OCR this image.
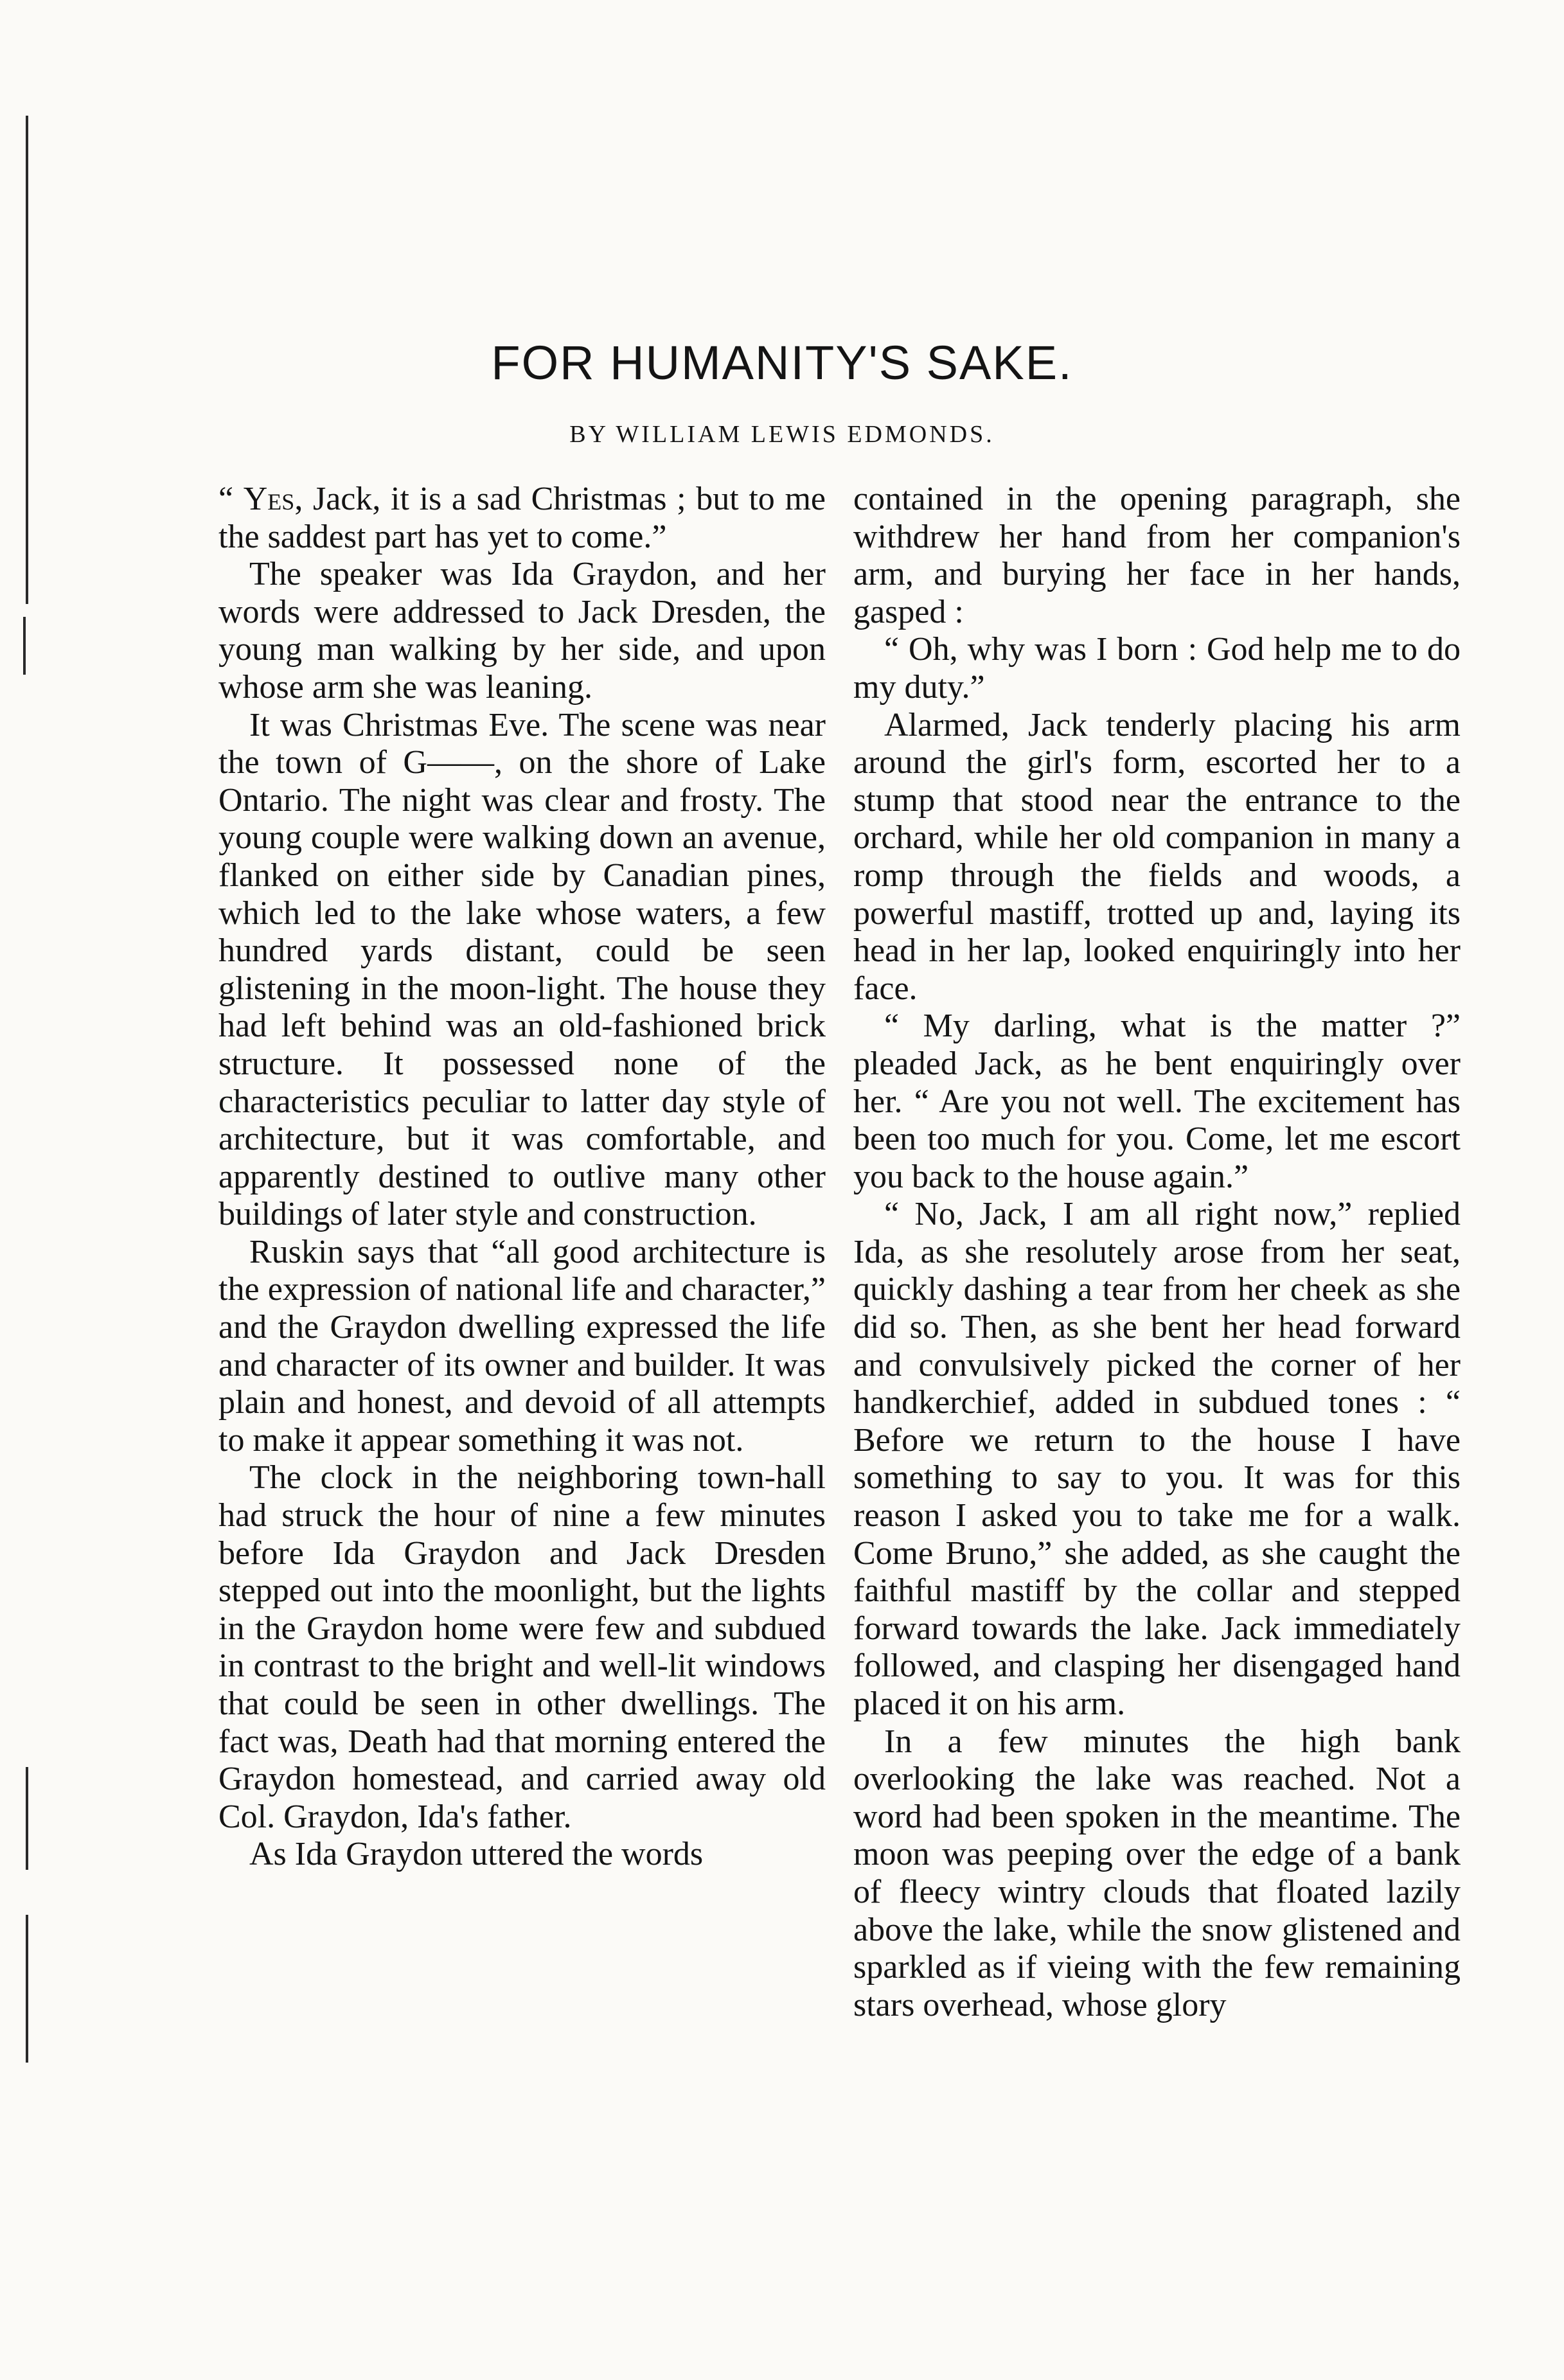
FOR HUMANITY'S SAKE.
BY WILLIAM LEWIS EDMONDS.

“ Yes, Jack, it is a sad Christmas ; but to me the saddest part has yet to come.”

The speaker was Ida Graydon, and her words were addressed to Jack Dresden, the young man walking by her side, and upon whose arm she was leaning.

It was Christmas Eve. The scene was near the town of G——, on the shore of Lake Ontario. The night was clear and frosty. The young couple were walking down an avenue, flanked on either side by Canadian pines, which led to the lake whose waters, a few hundred yards distant, could be seen glistening in the moon-light. The house they had left behind was an old-fashioned brick structure. It possessed none of the characteristics peculiar to latter day style of architecture, but it was comfortable, and apparently destined to outlive many other buildings of later style and construction.

Ruskin says that “all good architecture is the expression of national life and character,” and the Graydon dwelling expressed the life and character of its owner and builder. It was plain and honest, and devoid of all attempts to make it appear something it was not.

The clock in the neighboring town-hall had struck the hour of nine a few minutes before Ida Graydon and Jack Dresden stepped out into the moonlight, but the lights in the Graydon home were few and subdued in contrast to the bright and well-lit windows that could be seen in other dwellings. The fact was, Death had that morning entered the Graydon homestead, and carried away old Col. Graydon, Ida's father.

As Ida Graydon uttered the words

contained in the opening paragraph, she withdrew her hand from her companion's arm, and burying her face in her hands, gasped :

“ Oh, why was I born : God help me to do my duty.”

Alarmed, Jack tenderly placing his arm around the girl's form, escorted her to a stump that stood near the entrance to the orchard, while her old companion in many a romp through the fields and woods, a powerful mastiff, trotted up and, laying its head in her lap, looked enquiringly into her face.

“ My darling, what is the matter ?” pleaded Jack, as he bent enquiringly over her. “ Are you not well. The excitement has been too much for you. Come, let me escort you back to the house again.”

“ No, Jack, I am all right now,” replied Ida, as she resolutely arose from her seat, quickly dashing a tear from her cheek as she did so. Then, as she bent her head forward and convulsively picked the corner of her handkerchief, added in subdued tones : “ Before we return to the house I have something to say to you. It was for this reason I asked you to take me for a walk. Come Bruno,” she added, as she caught the faithful mastiff by the collar and stepped forward towards the lake. Jack immediately followed, and clasping her disengaged hand placed it on his arm.

In a few minutes the high bank overlooking the lake was reached. Not a word had been spoken in the meantime. The moon was peeping over the edge of a bank of fleecy wintry clouds that floated lazily above the lake, while the snow glistened and sparkled as if vieing with the few remaining stars overhead, whose glory
